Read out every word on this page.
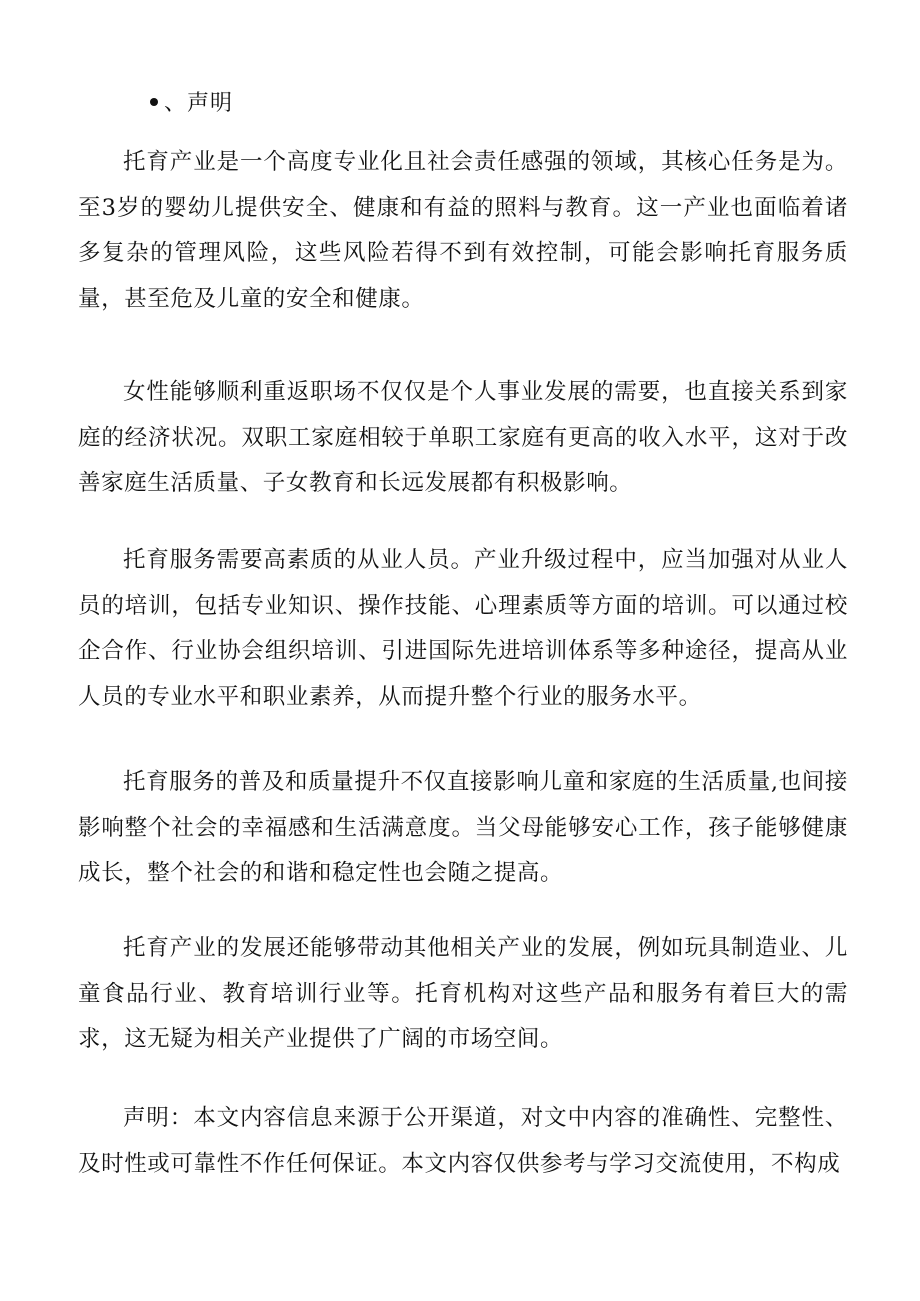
、声明

托育产业是一个高度专业化且社会责任感强的领域，其核心任务是为。至3岁的婴幼儿提供安全、健康和有益的照料与教育。这一产业也面临着诸多复杂的管理风险，这些风险若得不到有效控制，可能会影响托育服务质量，甚至危及儿童的安全和健康。

女性能够顺利重返职场不仅仅是个人事业发展的需要，也直接关系到家庭的经济状况。双职工家庭相较于单职工家庭有更高的收入水平，这对于改善家庭生活质量、子女教育和长远发展都有积极影响。

托育服务需要高素质的从业人员。产业升级过程中，应当加强对从业人员的培训，包括专业知识、操作技能、心理素质等方面的培训。可以通过校企合作、行业协会组织培训、引进国际先进培训体系等多种途径，提高从业人员的专业水平和职业素养，从而提升整个行业的服务水平。

托育服务的普及和质量提升不仅直接影响儿童和家庭的生活质量,也间接影响整个社会的幸福感和生活满意度。当父母能够安心工作，孩子能够健康成长，整个社会的和谐和稳定性也会随之提高。

托育产业的发展还能够带动其他相关产业的发展，例如玩具制造业、儿童食品行业、教育培训行业等。托育机构对这些产品和服务有着巨大的需求，这无疑为相关产业提供了广阔的市场空间。

声明：本文内容信息来源于公开渠道，对文中内容的准确性、完整性、及时性或可靠性不作任何保证。本文内容仅供参考与学习交流使用，不构成
